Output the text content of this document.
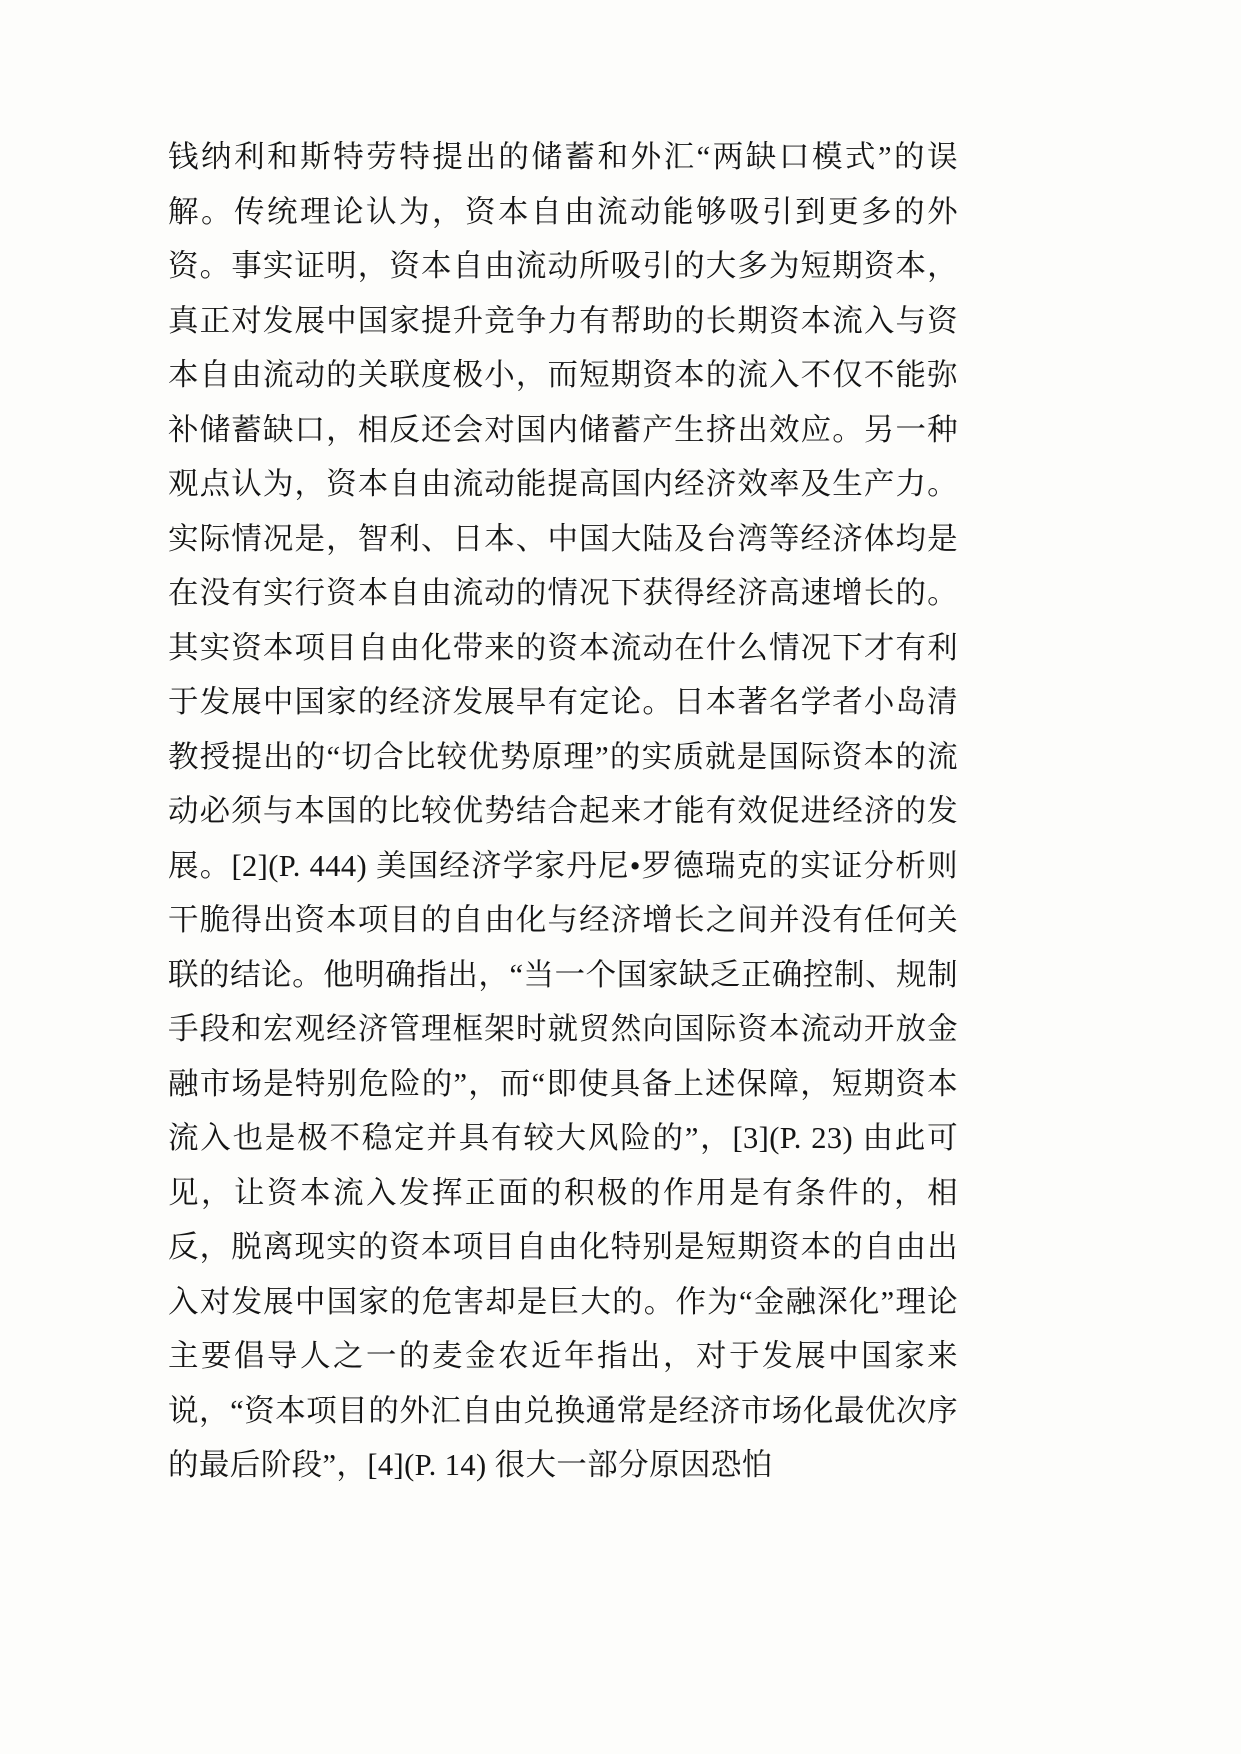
钱纳利和斯特劳特提出的储蓄和外汇“两缺口模式”的误解。传统理论认为，资本自由流动能够吸引到更多的外资。事实证明，资本自由流动所吸引的大多为短期资本，真正对发展中国家提升竞争力有帮助的长期资本流入与资本自由流动的关联度极小，而短期资本的流入不仅不能弥补储蓄缺口，相反还会对国内储蓄产生挤出效应。另一种观点认为，资本自由流动能提高国内经济效率及生产力。实际情况是，智利、日本、中国大陆及台湾等经济体均是在没有实行资本自由流动的情况下获得经济高速增长的。其实资本项目自由化带来的资本流动在什么情况下才有利于发展中国家的经济发展早有定论。日本著名学者小岛清教授提出的“切合比较优势原理”的实质就是国际资本的流动必须与本国的比较优势结合起来才能有效促进经济的发展。[2](P. 444) 美国经济学家丹尼•罗德瑞克的实证分析则干脆得出资本项目的自由化与经济增长之间并没有任何关联的结论。他明确指出，“当一个国家缺乏正确控制、规制手段和宏观经济管理框架时就贸然向国际资本流动开放金融市场是特别危险的”，而“即使具备上述保障，短期资本流入也是极不稳定并具有较大风险的”，[3](P. 23) 由此可见，让资本流入发挥正面的积极的作用是有条件的，相反，脱离现实的资本项目自由化特别是短期资本的自由出入对发展中国家的危害却是巨大的。作为“金融深化”理论主要倡导人之一的麦金农近年指出，对于发展中国家来说，“资本项目的外汇自由兑换通常是经济市场化最优次序的最后阶段”，[4](P. 14) 很大一部分原因恐怕
